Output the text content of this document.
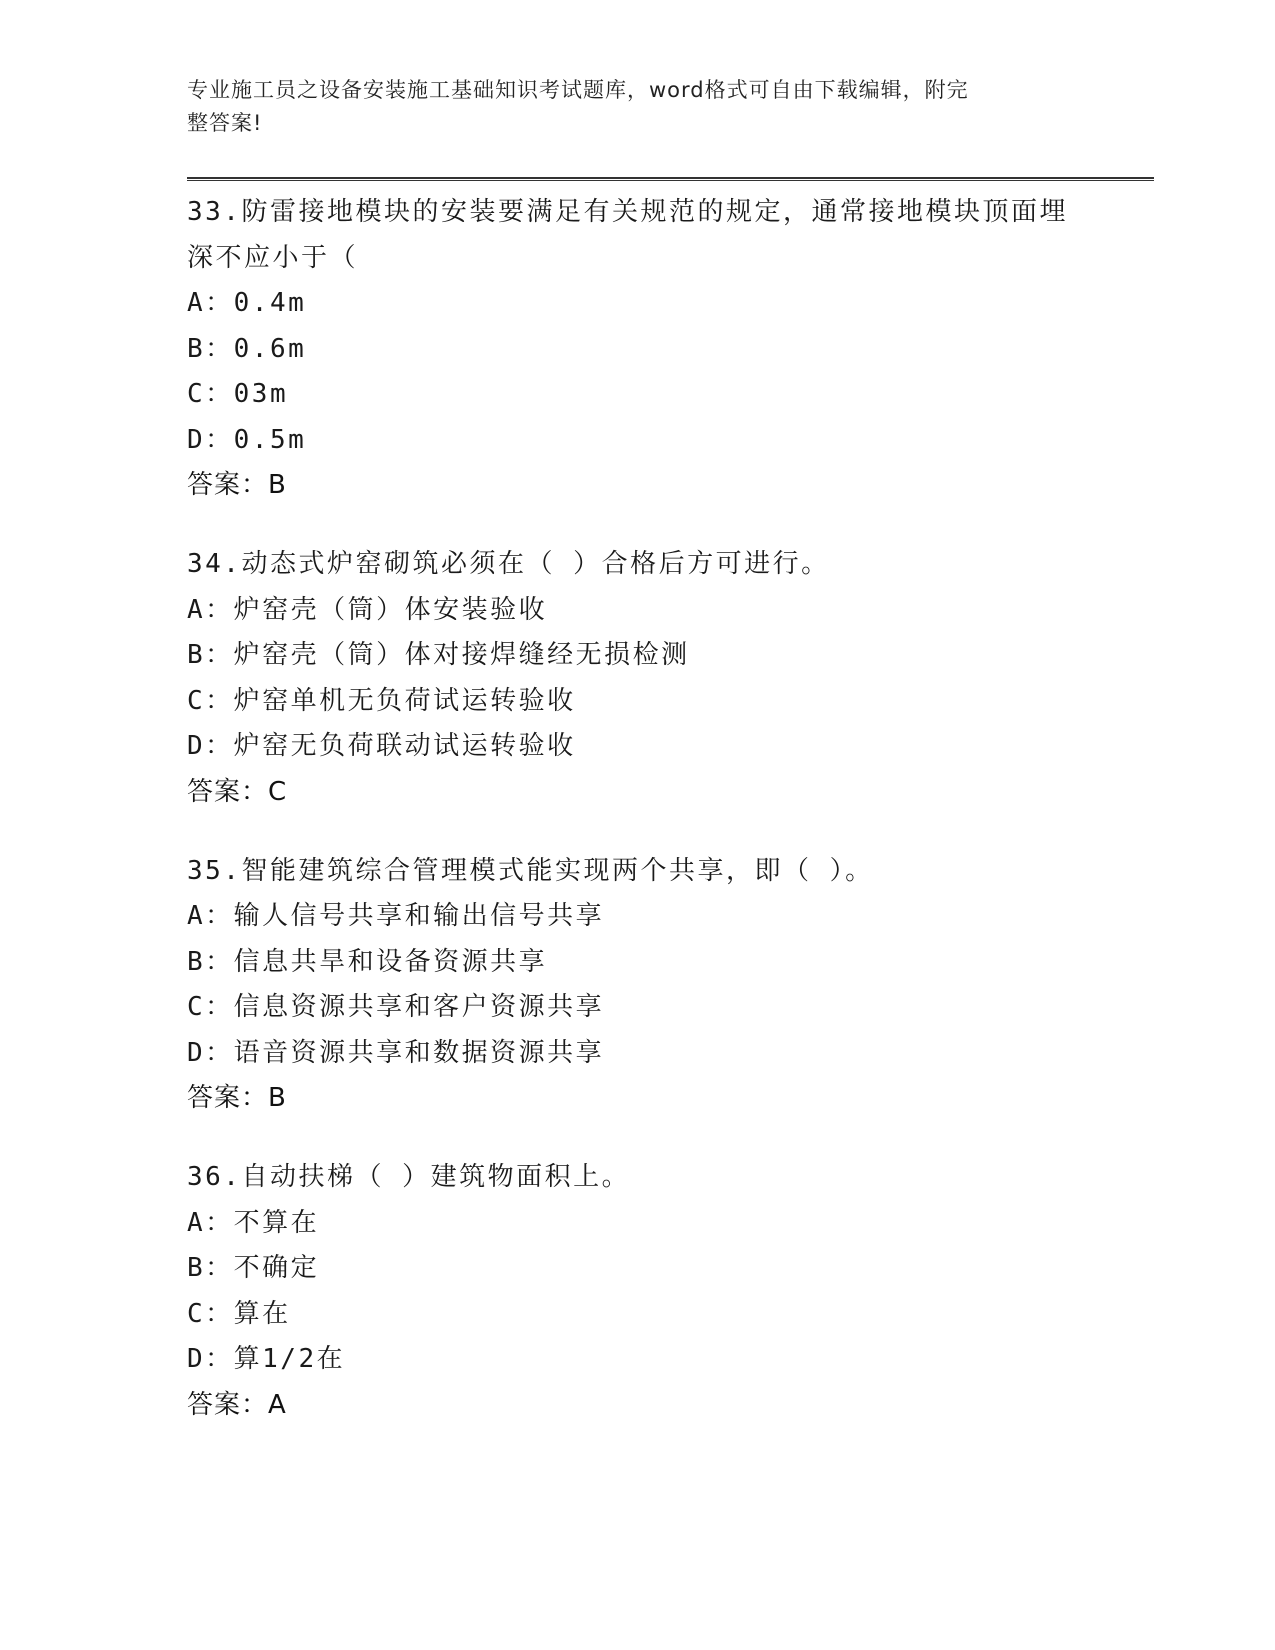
专业施工员之设备安装施工基础知识考试题库，word格式可自由下载编辑，附完
整答案!
33.防雷接地模块的安装要满足有关规范的规定，通常接地模块顶面埋
深不应小于（
A：0.4m
B：0.6m
C：03m
D：0.5m
答案：B
34.动态式炉窑砌筑必须在（ ）合格后方可进行。
A：炉窑壳（筒）体安装验收
B：炉窑壳（筒）体对接焊缝经无损检测
C：炉窑单机无负荷试运转验收
D：炉窑无负荷联动试运转验收
答案：C
35.智能建筑综合管理模式能实现两个共享，即（ ）。
A：输人信号共享和输出信号共享
B：信息共旱和设备资源共享
C：信息资源共享和客户资源共享
D：语音资源共享和数据资源共享
答案：B
36.自动扶梯（ ）建筑物面积上。
A：不算在
B：不确定
C：算在
D：算1/2在
答案：A
